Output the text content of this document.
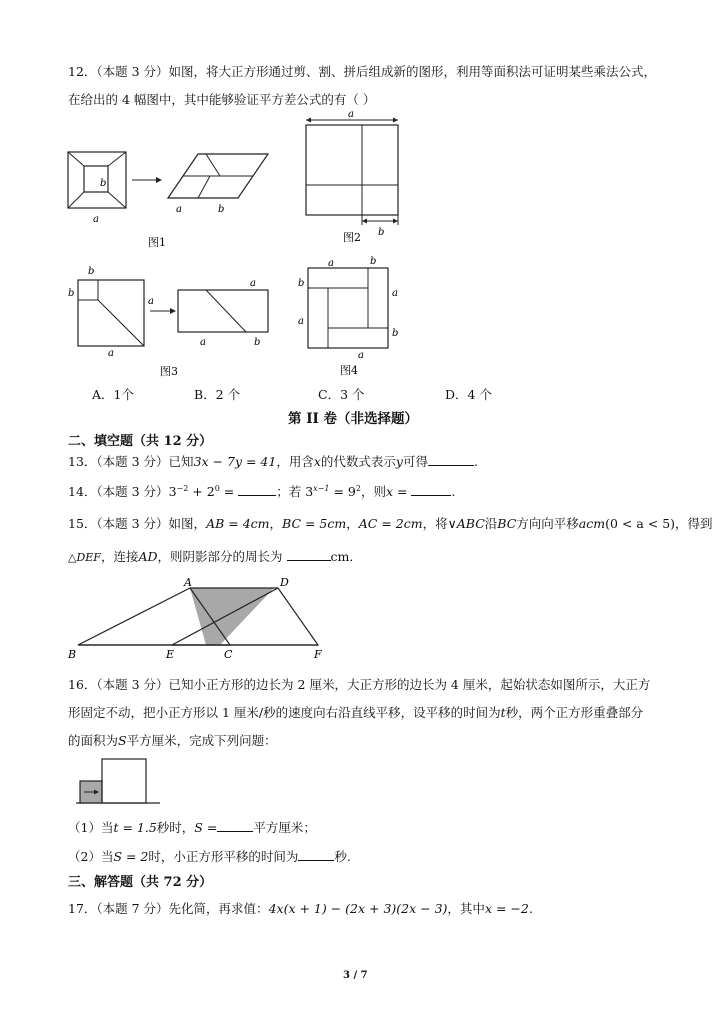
12．（本题 3 分）如图，将大正方形通过剪、割、拼后组成新的图形，利用等面积法可证明某些乘法公式，
在给出的 4 幅图中，其中能够验证平方差公式的有（ ）
b
a
a	b
图1
a
b
图2
b
b
a
a
a
a	b
图3
a	b
b
a
a
b
a
图4
A．1个	B．2 个	C．3 个	D．4 个
第 II 卷（非选择题）
二、填空题（共 12 分）
13．（本题 3 分）已知3x − 7y = 41，用含x的代数式表示y可得	.
14．（本题 3 分）$3^{-2} + 2^0$ =	；若 $3^{x-1} = 9^2$，则x =	.
15．（本题 3 分）如图，AB = 4cm，BC = 5cm，AC = 2cm，将∨ABC沿BC方向向平移acm(0 < a < 5)，得到
△DEF，连接AD，则阴影部分的周长为	cm．
A	D
B	E	C	F
16．（本题 3 分）已知小正方形的边长为 2 厘米，大正方形的边长为 4 厘米，起始状态如图所示，大正方
形固定不动，把小正方形以 1 厘米/秒的速度向右沿直线平移，设平移的时间为t秒，两个正方形重叠部分
的面积为S平方厘米，完成下列问题：
（1）当t = 1.5秒时，S =	平方厘米；
（2）当S = 2时，小正方形平移的时间为	秒.
三、解答题（共 72 分）
17．（本题 7 分）先化简，再求值：4x(x + 1) − (2x + 3)(2x − 3)，其中x = −2.
3 / 7
